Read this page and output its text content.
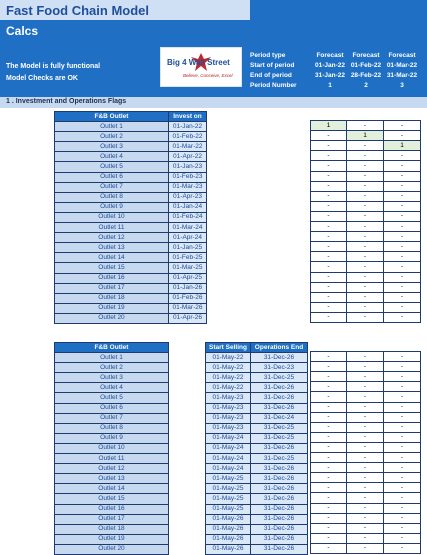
Fast Food Chain Model
Calcs
The Model is fully functional
Model Checks are OK
Big 4 Wall Street
Believe, Conceive, Excel
Period type	Forecast	Forecast	Forecast
Start of period	01-Jan-22 01-Feb-22 01-Mar-22
End of period	31-Jan-22 28-Feb-22 31-Mar-22
Period Number	1	2	3
1 . Investment and Operations Flags
F&B Outlet	Invest on
Outlet 1	01-Jan-22
Outlet 2	01-Feb-22
Outlet 3	01-Mar-22
Outlet 4	01-Apr-22
Outlet 5	01-Jan-23
Outlet 6	01-Feb-23
Outlet 7	01-Mar-23
Outlet 8	01-Apr-23
Outlet 9	01-Jan-24
Outlet 10	01-Feb-24
Outlet 11	01-Mar-24
Outlet 12	01-Apr-24
Outlet 13	01-Jan-25
Outlet 14	01-Feb-25
Outlet 15	01-Mar-25
Outlet 16	01-Apr-25
Outlet 17	01-Jan-26
Outlet 18	01-Feb-26
Outlet 19	01-Mar-26
Outlet 20	01-Apr-26

1	-	-
-	1	-
-	-	1
-	-	-
-	-	-
-	-	-
-	-	-
-	-	-
-	-	-
-	-	-
-	-	-
-	-	-
-	-	-
-	-	-
-	-	-
-	-	-
-	-	-
-	-	-
-	-	-
-	-	-
F&B Outlet
Outlet 1
Outlet 2
Outlet 3
Outlet 4
Outlet 5
Outlet 6
Outlet 7
Outlet 8
Outlet 9
Outlet 10
Outlet 11
Outlet 12
Outlet 13
Outlet 14
Outlet 15
Outlet 16
Outlet 17
Outlet 18
Outlet 19
Outlet 20
Start Selling	Operations End
01-May-22	31-Dec-26
01-May-22	31-Dec-23
01-May-22	31-Dec-25
01-May-22	31-Dec-26
01-May-23	31-Dec-26
01-May-23	31-Dec-26
01-May-23	31-Dec-24
01-May-23	31-Dec-25
01-May-24	31-Dec-25
01-May-24	31-Dec-26
01-May-24	31-Dec-25
01-May-24	31-Dec-26
01-May-25	31-Dec-26
01-May-25	31-Dec-26
01-May-25	31-Dec-26
01-May-25	31-Dec-26
01-May-26	31-Dec-26
01-May-26	31-Dec-26
01-May-26	31-Dec-26
01-May-26	31-Dec-26

-	-	-
-	-	-
-	-	-
-	-	-
-	-	-
-	-	-
-	-	-
-	-	-
-	-	-
-	-	-
-	-	-
-	-	-
-	-	-
-	-	-
-	-	-
-	-	-
-	-	-
-	-	-
-	-	-
-	-	-
